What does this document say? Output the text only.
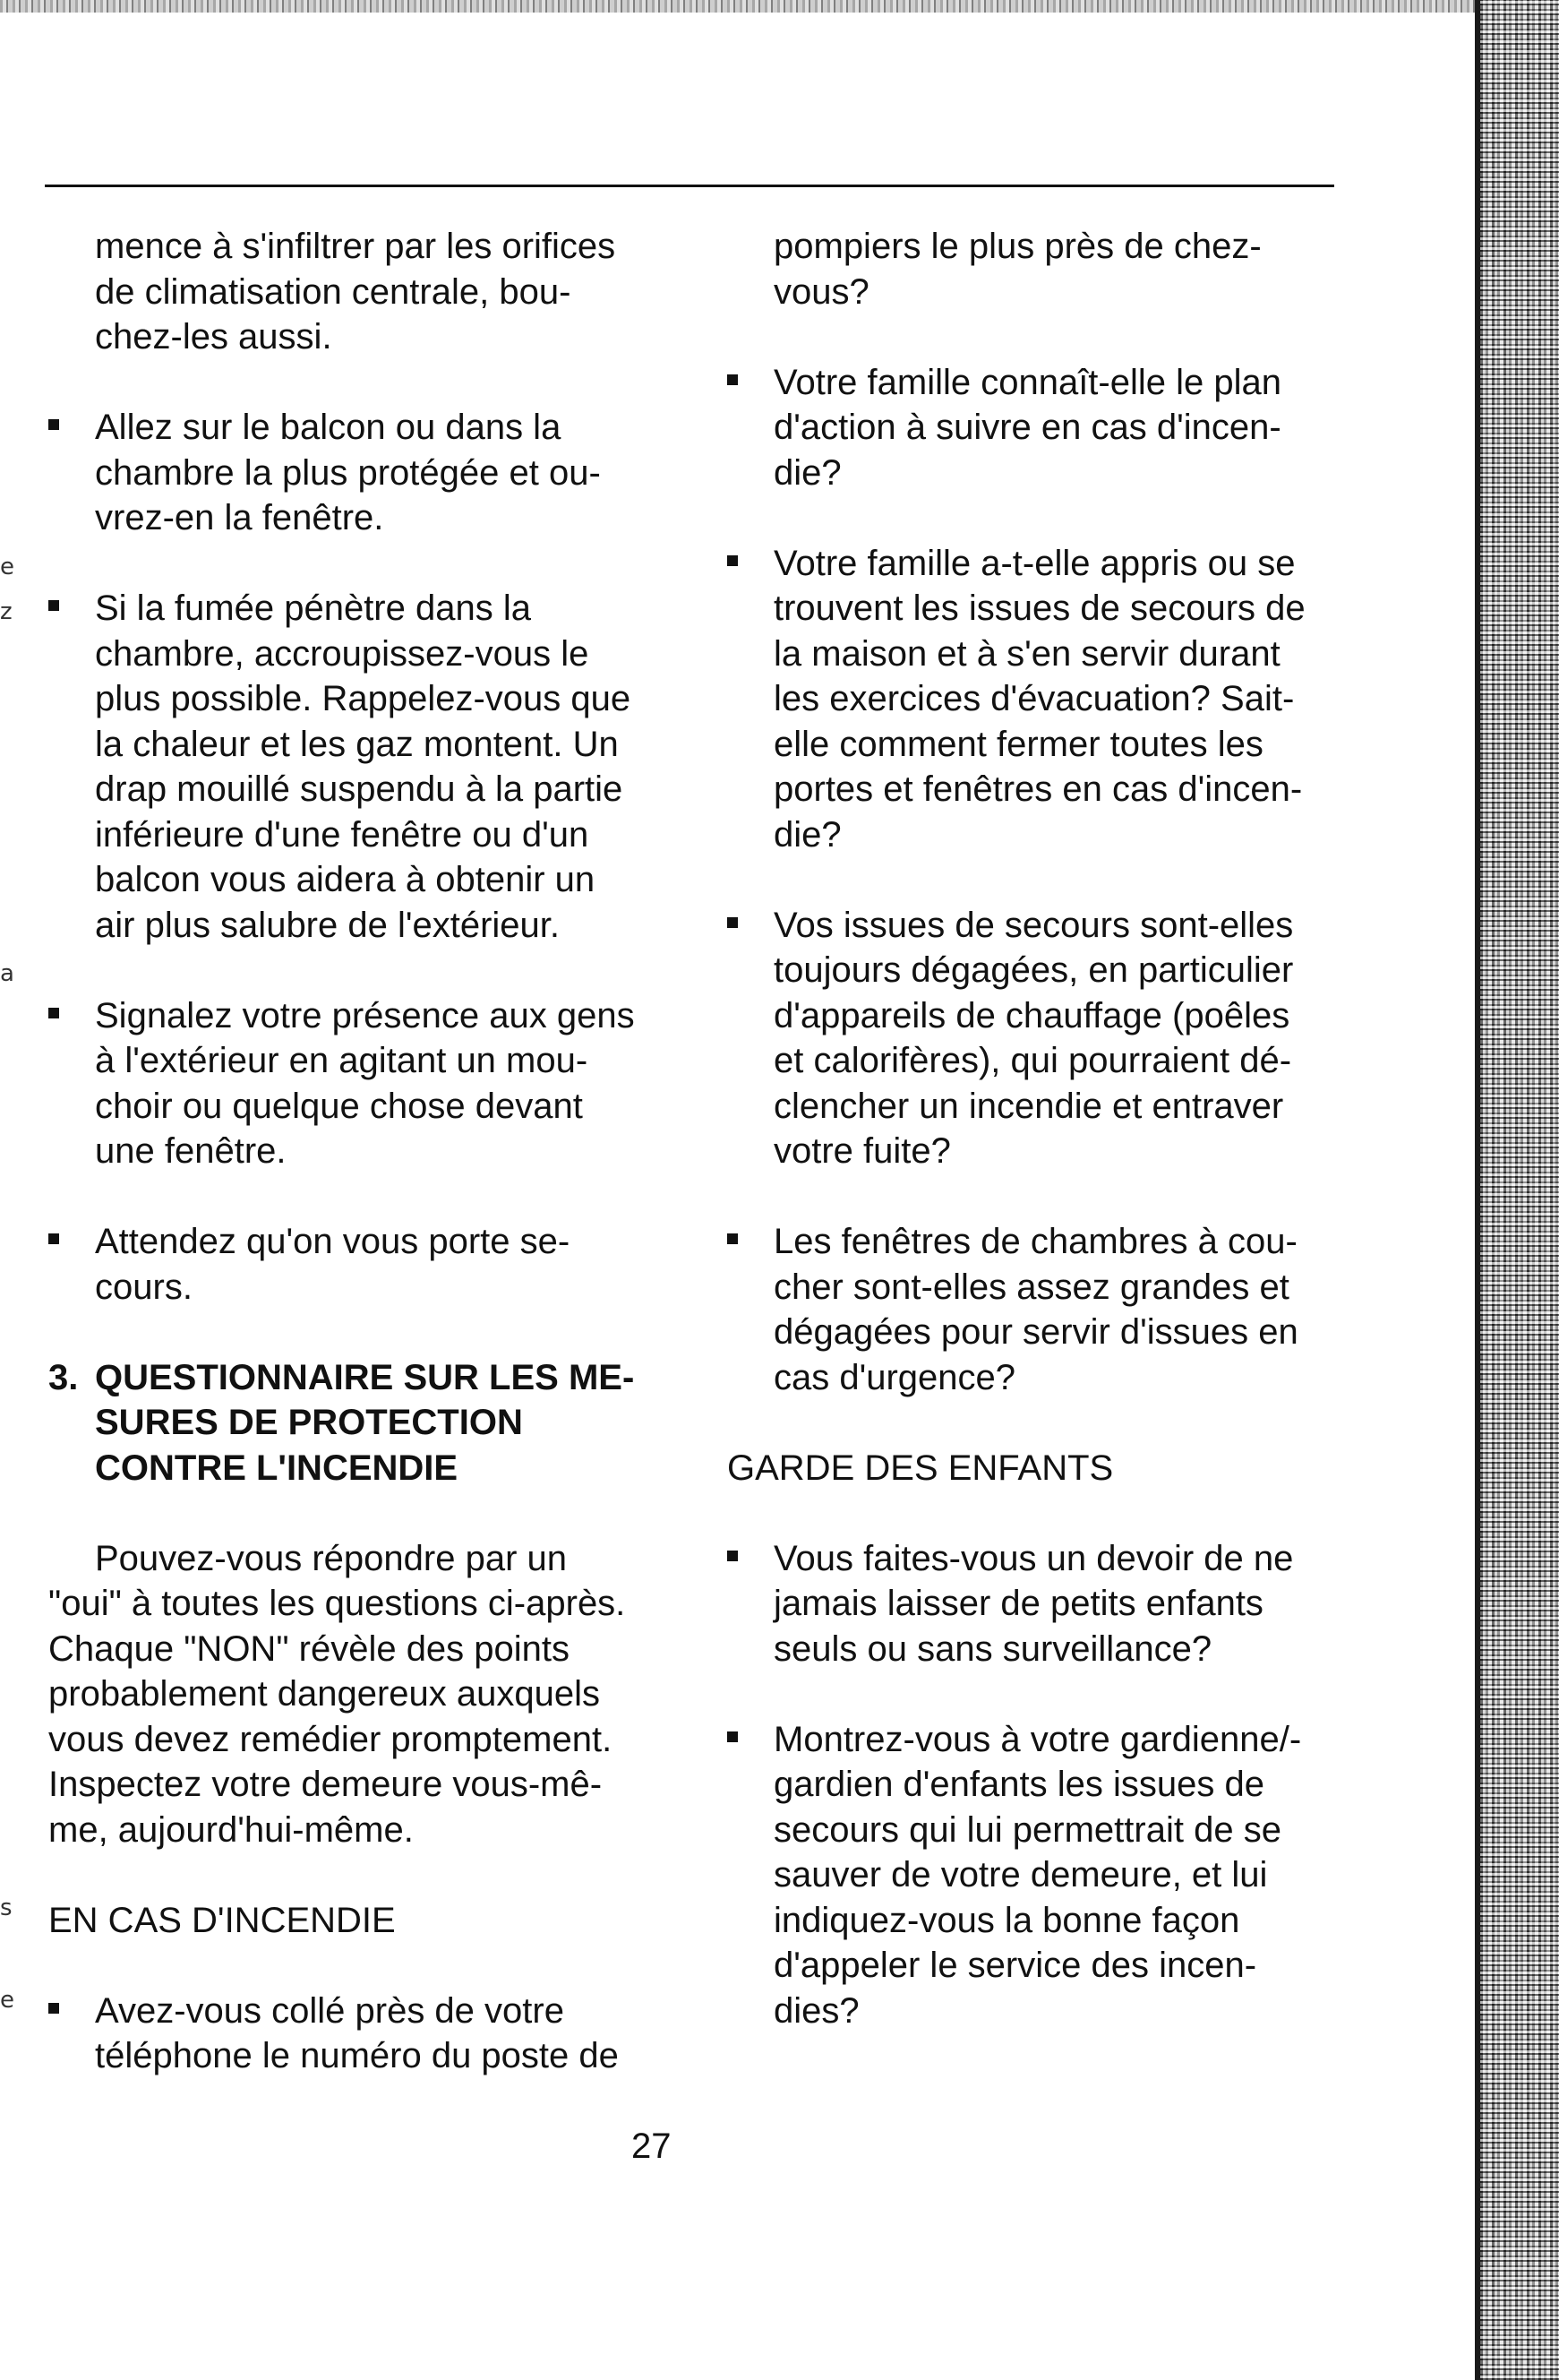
e
z
a
s
e

mence à s'infiltrer par les orifices
de climatisation centrale, bou-
chez-les aussi.

Allez sur le balcon ou dans la
chambre la plus protégée et ou-
vrez-en la fenêtre.

Si la fumée pénètre dans la
chambre, accroupissez-vous le
plus possible. Rappelez-vous que
la chaleur et les gaz montent. Un
drap mouillé suspendu à la partie
inférieure d'une fenêtre ou d'un
balcon vous aidera à obtenir un
air plus salubre de l'extérieur.

Signalez votre présence aux gens
à l'extérieur en agitant un mou-
choir ou quelque chose devant
une fenêtre.

Attendez qu'on vous porte se-
cours.

3. QUESTIONNAIRE SUR LES ME-
SURES DE PROTECTION
CONTRE L'INCENDIE

Pouvez-vous répondre par un
"oui" à toutes les questions ci-après.
Chaque "NON" révèle des points
probablement dangereux auxquels
vous devez remédier promptement.
Inspectez votre demeure vous-mê-
me, aujourd'hui-même.

EN CAS D'INCENDIE

Avez-vous collé près de votre
téléphone le numéro du poste de

pompiers le plus près de chez-
vous?

Votre famille connaît-elle le plan
d'action à suivre en cas d'incen-
die?

Votre famille a-t-elle appris ou se
trouvent les issues de secours de
la maison et à s'en servir durant
les exercices d'évacuation? Sait-
elle comment fermer toutes les
portes et fenêtres en cas d'incen-
die?

Vos issues de secours sont-elles
toujours dégagées, en particulier
d'appareils de chauffage (poêles
et calorifères), qui pourraient dé-
clencher un incendie et entraver
votre fuite?

Les fenêtres de chambres à cou-
cher sont-elles assez grandes et
dégagées pour servir d'issues en
cas d'urgence?

GARDE DES ENFANTS

Vous faites-vous un devoir de ne
jamais laisser de petits enfants
seuls ou sans surveillance?

Montrez-vous à votre gardienne/-
gardien d'enfants les issues de
secours qui lui permettrait de se
sauver de votre demeure, et lui
indiquez-vous la bonne façon
d'appeler le service des incen-
dies?

27
